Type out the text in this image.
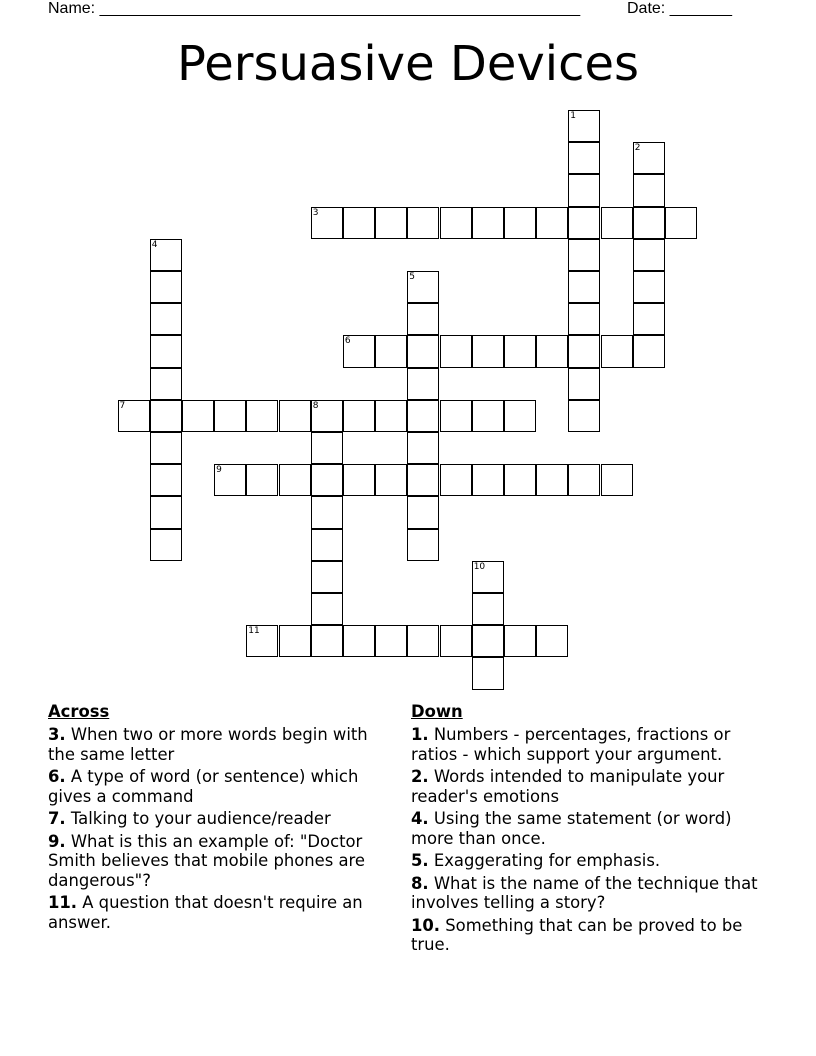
Name: ______________________________________________________	Date: _______
Persuasive Devices
1
2
3
4
5
6
7	8
9
10
11
Across
3. When two or more words begin with the same letter
6. A type of word (or sentence) which gives a command
7. Talking to your audience/reader
9. What is this an example of: "Doctor Smith believes that mobile phones are dangerous"?
11. A question that doesn't require an answer.
Down
1. Numbers - percentages, fractions or ratios - which support your argument.
2. Words intended to manipulate your reader's emotions
4. Using the same statement (or word) more than once.
5. Exaggerating for emphasis.
8. What is the name of the technique that involves telling a story?
10. Something that can be proved to be true.
